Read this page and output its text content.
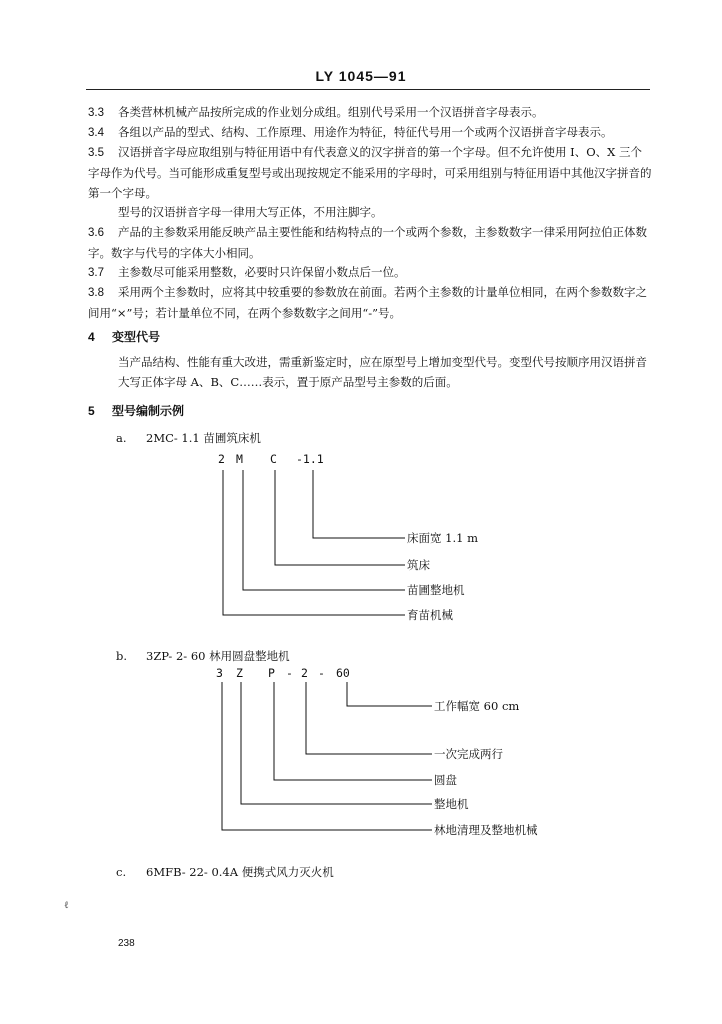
LY 1045—91
3.3 各类营林机械产品按所完成的作业划分成组。组别代号采用一个汉语拼音字母表示。
3.4 各组以产品的型式、结构、工作原理、用途作为特征，特征代号用一个或两个汉语拼音字母表示。
3.5 汉语拼音字母应取组别与特征用语中有代表意义的汉字拼音的第一个字母。但不允许使用 I、O、X 三个字母作为代号。当可能形成重复型号或出现按规定不能采用的字母时，可采用组别与特征用语中其他汉字拼音的第一个字母。
型号的汉语拼音字母一律用大写正体，不用注脚字。
3.6 产品的主参数采用能反映产品主要性能和结构特点的一个或两个参数，主参数数字一律采用阿拉伯正体数字。数字与代号的字体大小相同。
3.7 主参数尽可能采用整数，必要时只许保留小数点后一位。
3.8 采用两个主参数时，应将其中较重要的参数放在前面。若两个主参数的计量单位相同，在两个参数数字之间用“×”号；若计量单位不同，在两个参数数字之间用“-”号。
4 变型代号
当产品结构、性能有重大改进，需重新鉴定时，应在原型号上增加变型代号。变型代号按顺序用汉语拼音大写正体字母 A、B、C……表示，置于原产品型号主参数的后面。
5 型号编制示例
a. 2MC- 1.1 苗圃筑床机
2 M C -1.1
床面宽 1.1 m
筑床
苗圃整地机
育苗机械
b. 3ZP- 2- 60 林用圆盘整地机
3 Z P - 2 - 60
工作幅宽 60 cm
一次完成两行
圆盘
整地机
林地清理及整地机械
c. 6MFB- 22- 0.4A 便携式风力灭火机
ℓ
238
